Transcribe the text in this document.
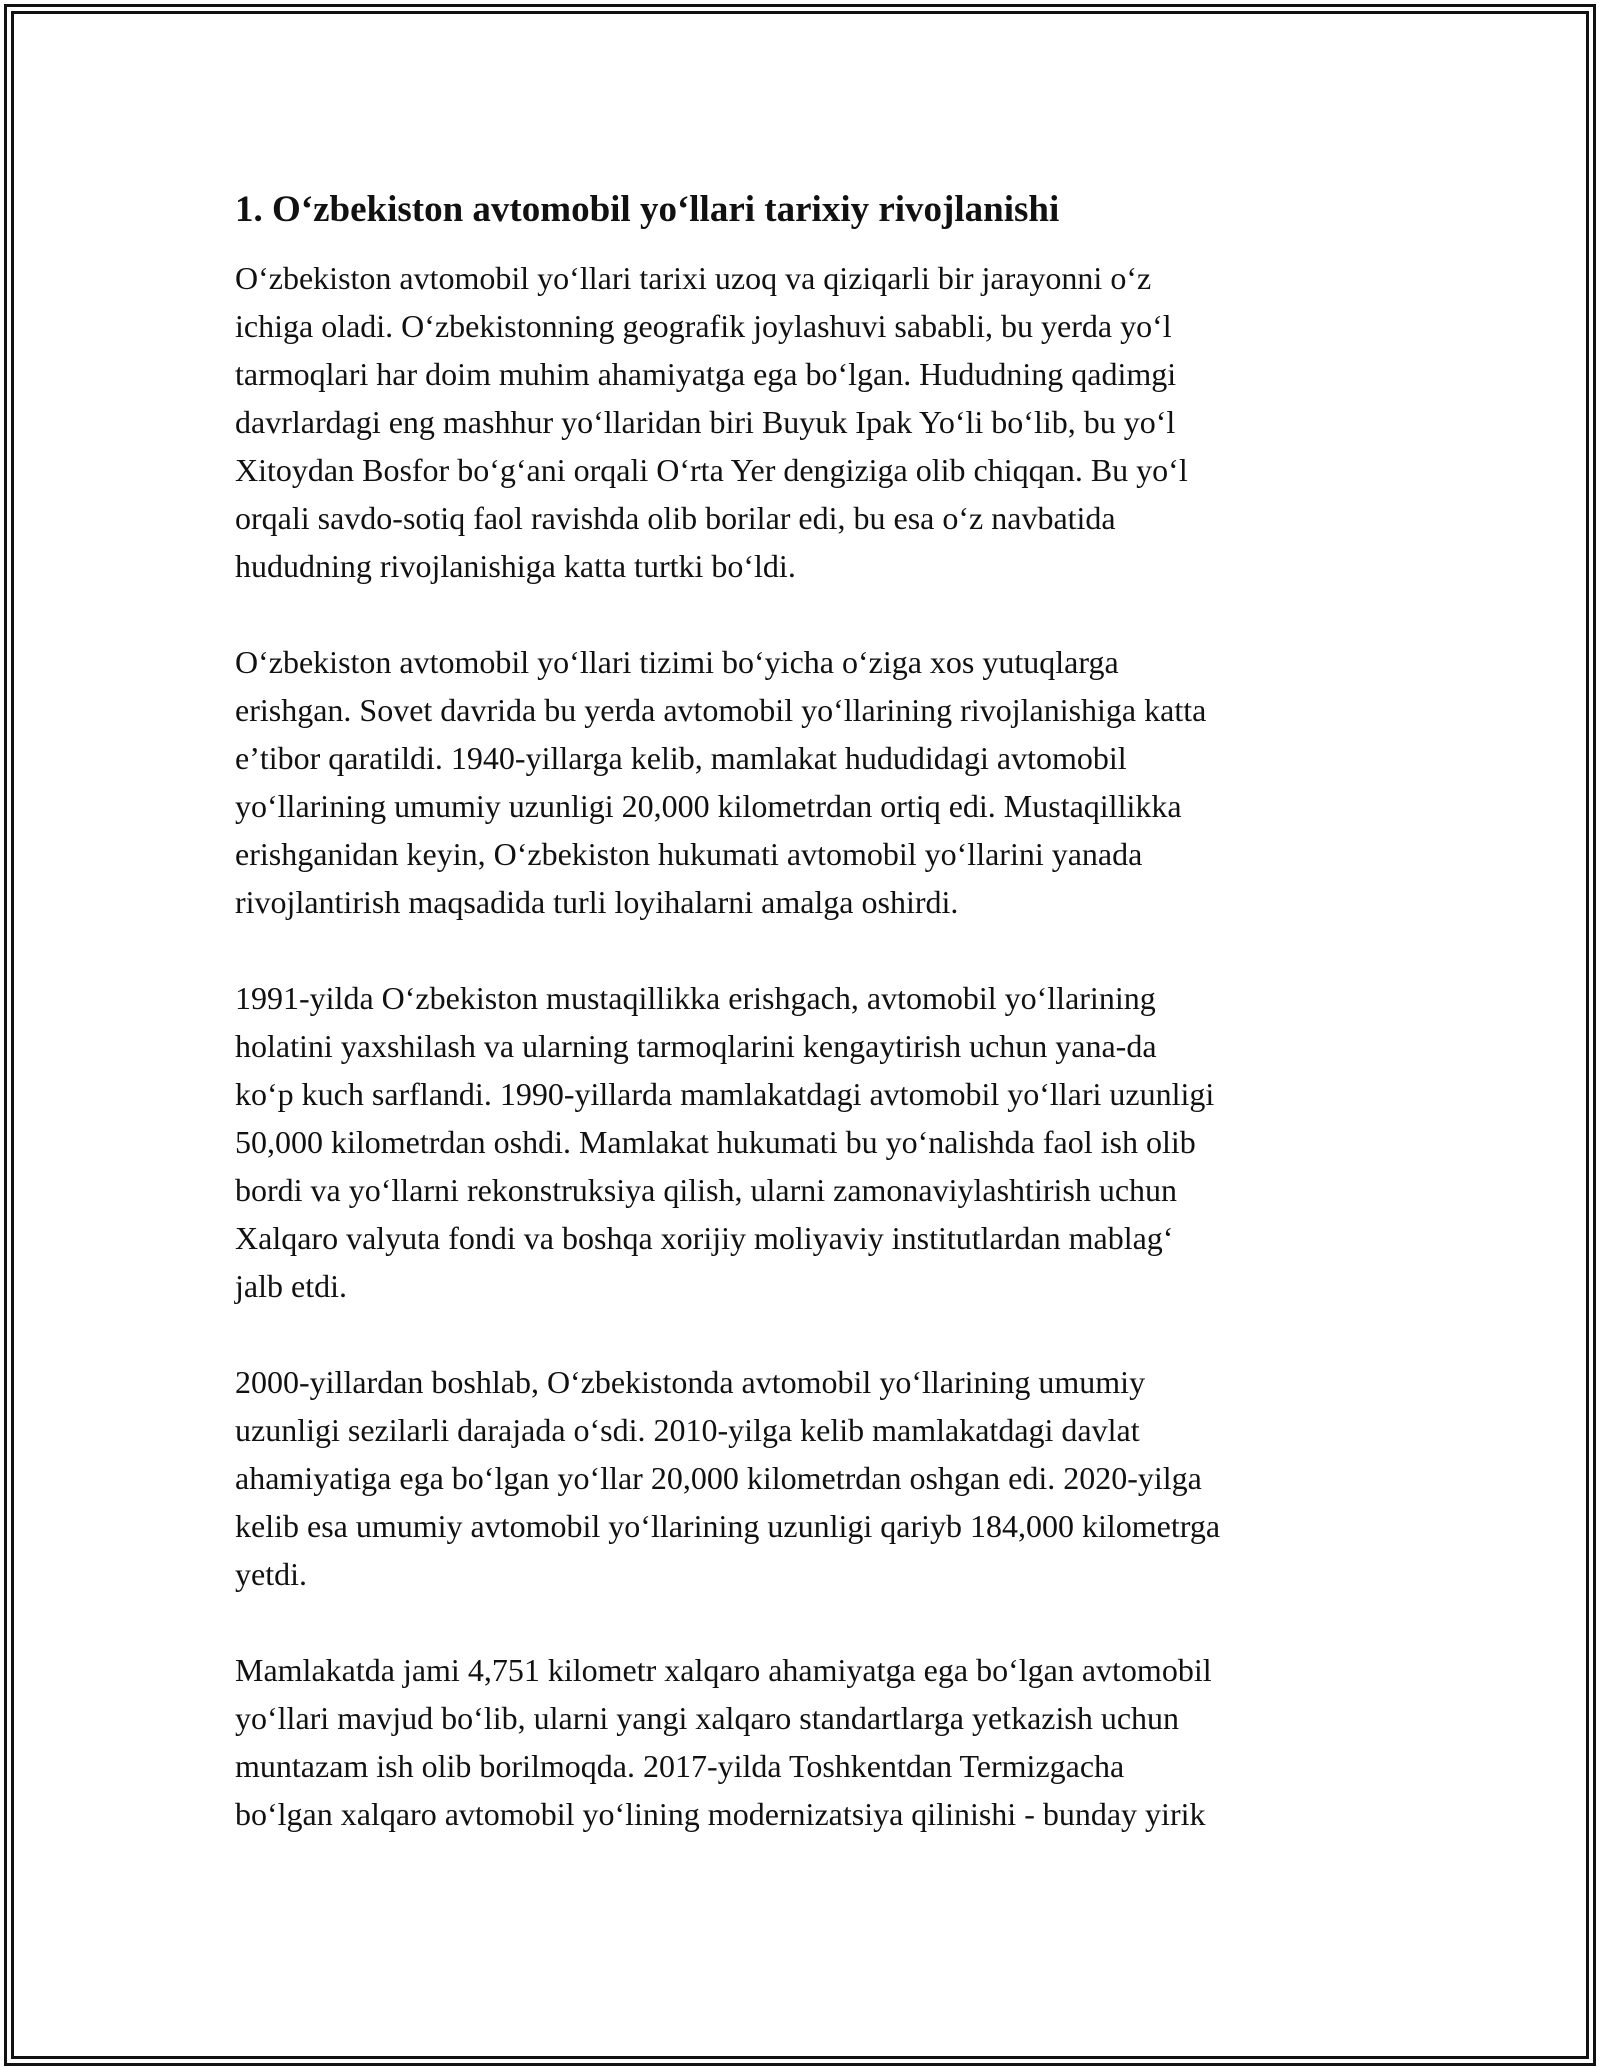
1. Oʻzbekiston avtomobil yoʻllari tarixiy rivojlanishi

Oʻzbekiston avtomobil yoʻllari tarixi uzoq va qiziqarli bir jarayonni oʻz
ichiga oladi. Oʻzbekistonning geografik joylashuvi sababli, bu yerda yoʻl
tarmoqlari har doim muhim ahamiyatga ega boʻlgan. Hududning qadimgi
davrlardagi eng mashhur yoʻllaridan biri Buyuk Ipak Yoʻli boʻlib, bu yoʻl
Xitoydan Bosfor boʻgʻani orqali Oʻrta Yer dengiziga olib chiqqan. Bu yoʻl
orqali savdo-sotiq faol ravishda olib borilar edi, bu esa oʻz navbatida
hududning rivojlanishiga katta turtki boʻldi.

Oʻzbekiston avtomobil yoʻllari tizimi boʻyicha oʻziga xos yutuqlarga
erishgan. Sovet davrida bu yerda avtomobil yoʻllarining rivojlanishiga katta
eʼtibor qaratildi. 1940-yillarga kelib, mamlakat hududidagi avtomobil
yoʻllarining umumiy uzunligi 20,000 kilometrdan ortiq edi. Mustaqillikka
erishganidan keyin, Oʻzbekiston hukumati avtomobil yoʻllarini yanada
rivojlantirish maqsadida turli loyihalarni amalga oshirdi.

1991-yilda Oʻzbekiston mustaqillikka erishgach, avtomobil yoʻllarining
holatini yaxshilash va ularning tarmoqlarini kengaytirish uchun yana-da
koʻp kuch sarflandi. 1990-yillarda mamlakatdagi avtomobil yoʻllari uzunligi
50,000 kilometrdan oshdi. Mamlakat hukumati bu yoʻnalishda faol ish olib
bordi va yoʻllarni rekonstruksiya qilish, ularni zamonaviylashtirish uchun
Xalqaro valyuta fondi va boshqa xorijiy moliyaviy institutlardan mablagʻ
jalb etdi.

2000-yillardan boshlab, Oʻzbekistonda avtomobil yoʻllarining umumiy
uzunligi sezilarli darajada oʻsdi. 2010-yilga kelib mamlakatdagi davlat
ahamiyatiga ega boʻlgan yoʻllar 20,000 kilometrdan oshgan edi. 2020-yilga
kelib esa umumiy avtomobil yoʻllarining uzunligi qariyb 184,000 kilometrga
yetdi.

Mamlakatda jami 4,751 kilometr xalqaro ahamiyatga ega boʻlgan avtomobil
yoʻllari mavjud boʻlib, ularni yangi xalqaro standartlarga yetkazish uchun
muntazam ish olib borilmoqda. 2017-yilda Toshkentdan Termizgacha
boʻlgan xalqaro avtomobil yoʻlining modernizatsiya qilinishi - bunday yirik
